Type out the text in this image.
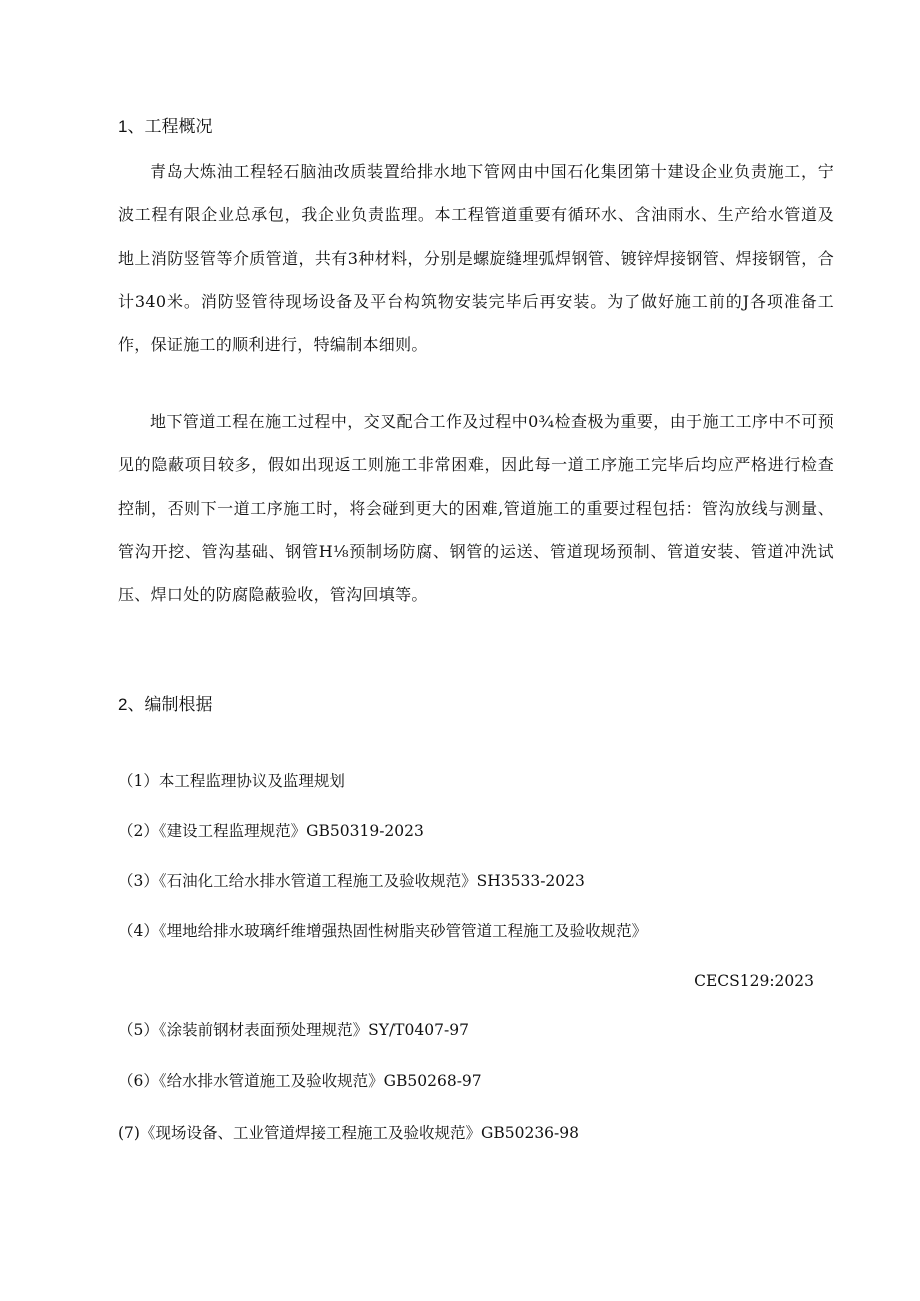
1、工程概况

青岛大炼油工程轻石脑油改质装置给排水地下管网由中国石化集团第十建设企业负责施工，宁波工程有限企业总承包，我企业负责监理。本工程管道重要有循环水、含油雨水、生产给水管道及地上消防竖管等介质管道，共有3种材料，分别是螺旋缝埋弧焊钢管、镀锌焊接钢管、焊接钢管，合计340米。消防竖管待现场设备及平台构筑物安装完毕后再安装。为了做好施工前的J各项准备工作，保证施工的顺利进行，特编制本细则。

地下管道工程在施工过程中，交叉配合工作及过程中0¾检查极为重要，由于施工工序中不可预见的隐蔽项目较多，假如出现返工则施工非常困难，因此每一道工序施工完毕后均应严格进行检查控制，否则下一道工序施工时，将会碰到更大的困难,管道施工的重要过程包括：管沟放线与测量、管沟开挖、管沟基础、钢管H⅛预制场防腐、钢管的运送、管道现场预制、管道安装、管道冲洗试压、焊口处的防腐隐蔽验收，管沟回填等。

2、编制根据

（1）本工程监理协议及监理规划

（2）《建设工程监理规范》GB50319-2023

（3）《石油化工给水排水管道工程施工及验收规范》SH3533-2023

（4）《埋地给排水玻璃纤维增强热固性树脂夹砂管管道工程施工及验收规范》

CECS129:2023

（5）《涂装前钢材表面预处理规范》SY/T0407-97

（6）《给水排水管道施工及验收规范》GB50268-97

(7)《现场设备、工业管道焊接工程施工及验收规范》GB50236-98
